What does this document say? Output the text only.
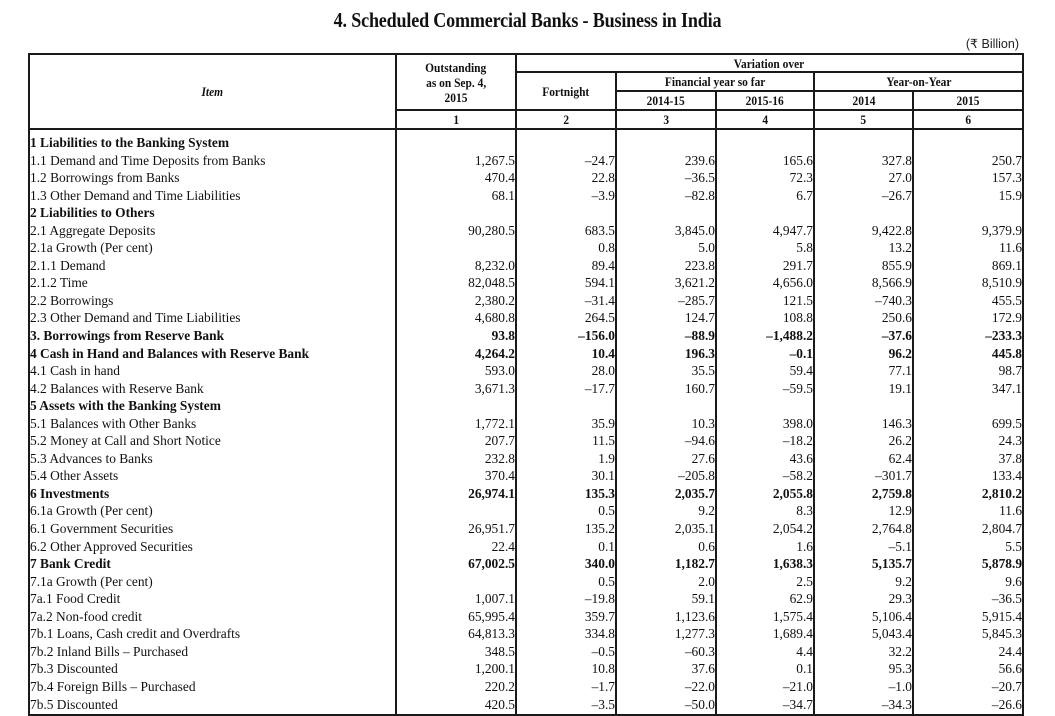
4. Scheduled Commercial Banks - Business in India
(₹ Billion)
Item	Outstanding
as on Sep. 4,
2015	Variation over				
		Fortnight	Financial year so far		Year-on-Year	
			2014-15	2015-16	2014	2015
	1	2	3	4	5	6
1 Liabilities to the Banking System						
1.1 Demand and Time Deposits from Banks	1,267.5	–24.7	239.6	165.6	327.8	250.7
1.2 Borrowings from Banks	470.4	22.8	–36.5	72.3	27.0	157.3
1.3 Other Demand and Time Liabilities	68.1	–3.9	–82.8	6.7	–26.7	15.9
2 Liabilities to Others						
2.1 Aggregate Deposits	90,280.5	683.5	3,845.0	4,947.7	9,422.8	9,379.9
2.1a Growth (Per cent)		0.8	5.0	5.8	13.2	11.6
2.1.1 Demand	8,232.0	89.4	223.8	291.7	855.9	869.1
2.1.2 Time	82,048.5	594.1	3,621.2	4,656.0	8,566.9	8,510.9
2.2 Borrowings	2,380.2	–31.4	–285.7	121.5	–740.3	455.5
2.3 Other Demand and Time Liabilities	4,680.8	264.5	124.7	108.8	250.6	172.9
3. Borrowings from Reserve Bank	93.8	–156.0	–88.9	–1,488.2	–37.6	–233.3
4 Cash in Hand and Balances with Reserve Bank	4,264.2	10.4	196.3	–0.1	96.2	445.8
4.1 Cash in hand	593.0	28.0	35.5	59.4	77.1	98.7
4.2 Balances with Reserve Bank	3,671.3	–17.7	160.7	–59.5	19.1	347.1
5 Assets with the Banking System						
5.1 Balances with Other Banks	1,772.1	35.9	10.3	398.0	146.3	699.5
5.2 Money at Call and Short Notice	207.7	11.5	–94.6	–18.2	26.2	24.3
5.3 Advances to Banks	232.8	1.9	27.6	43.6	62.4	37.8
5.4 Other Assets	370.4	30.1	–205.8	–58.2	–301.7	133.4
6 Investments	26,974.1	135.3	2,035.7	2,055.8	2,759.8	2,810.2
6.1a Growth (Per cent)		0.5	9.2	8.3	12.9	11.6
6.1 Government Securities	26,951.7	135.2	2,035.1	2,054.2	2,764.8	2,804.7
6.2 Other Approved Securities	22.4	0.1	0.6	1.6	–5.1	5.5
7 Bank Credit	67,002.5	340.0	1,182.7	1,638.3	5,135.7	5,878.9
7.1a Growth (Per cent)		0.5	2.0	2.5	9.2	9.6
7a.1 Food Credit	1,007.1	–19.8	59.1	62.9	29.3	–36.5
7a.2 Non-food credit	65,995.4	359.7	1,123.6	1,575.4	5,106.4	5,915.4
7b.1 Loans, Cash credit and Overdrafts	64,813.3	334.8	1,277.3	1,689.4	5,043.4	5,845.3
7b.2 Inland Bills – Purchased	348.5	–0.5	–60.3	4.4	32.2	24.4
7b.3 Discounted	1,200.1	10.8	37.6	0.1	95.3	56.6
7b.4 Foreign Bills – Purchased	220.2	–1.7	–22.0	–21.0	–1.0	–20.7
7b.5 Discounted	420.5	–3.5	–50.0	–34.7	–34.3	–26.6
